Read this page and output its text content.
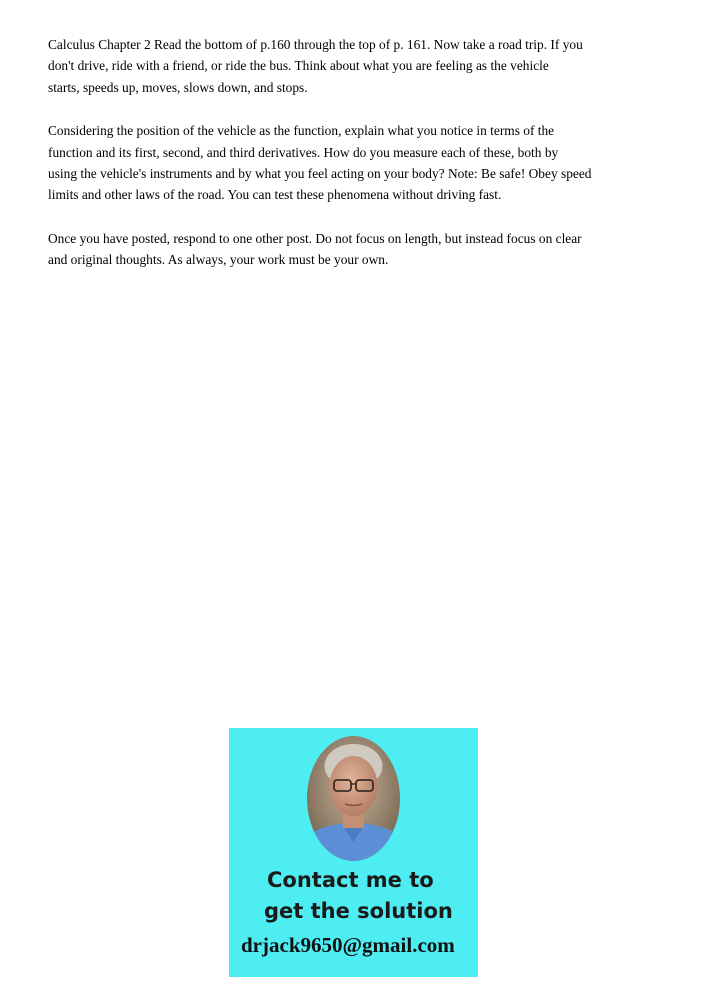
Calculus Chapter 2 Read the bottom of p.160 through the top of p. 161. Now take a road trip. If you
don't drive, ride with a friend, or ride the bus. Think about what you are feeling as the vehicle
starts, speeds up, moves, slows down, and stops.

Considering the position of the vehicle as the function, explain what you notice in terms of the
function and its first, second, and third derivatives. How do you measure each of these, both by
using the vehicle's instruments and by what you feel acting on your body? Note: Be safe! Obey speed
limits and other laws of the road. You can test these phenomena without driving fast.

Once you have posted, respond to one other post. Do not focus on length, but instead focus on clear
and original thoughts. As always, your work must be your own.

Contact me to
get the solution
drjack9650@gmail.com
